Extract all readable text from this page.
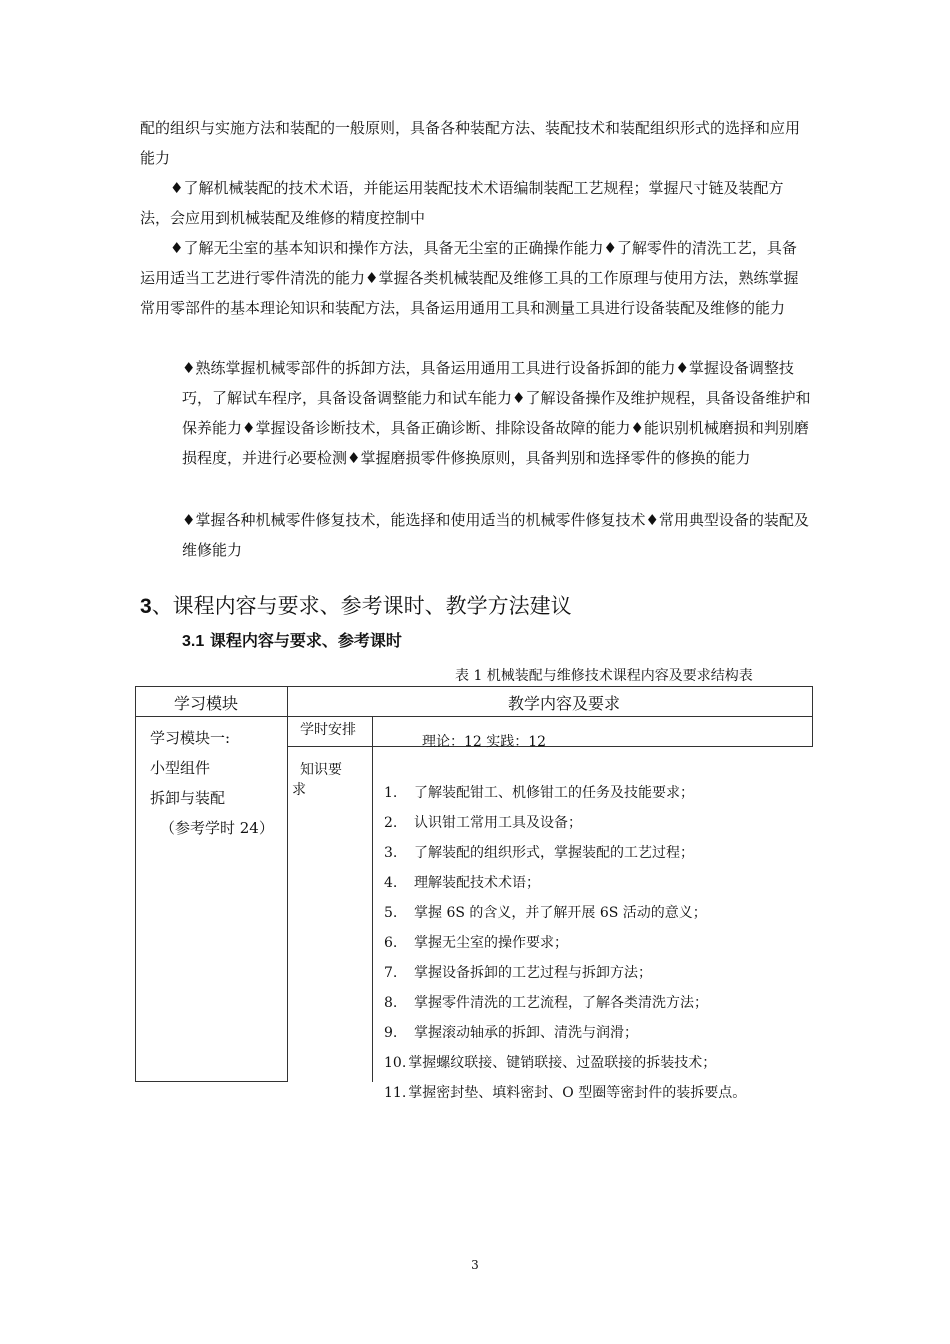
配的组织与实施方法和装配的一般原则，具备各种装配方法、装配技术和装配组织形式的选择和应用能力

♦了解机械装配的技术术语，并能运用装配技术术语编制装配工艺规程；掌握尺寸链及装配方法，会应用到机械装配及维修的精度控制中

♦了解无尘室的基本知识和操作方法，具备无尘室的正确操作能力♦了解零件的清洗工艺，具备运用适当工艺进行零件清洗的能力♦掌握各类机械装配及维修工具的工作原理与使用方法，熟练掌握常用零部件的基本理论知识和装配方法，具备运用通用工具和测量工具进行设备装配及维修的能力

♦熟练掌握机械零部件的拆卸方法，具备运用通用工具进行设备拆卸的能力♦掌握设备调整技巧，了解试车程序，具备设备调整能力和试车能力♦了解设备操作及维护规程，具备设备维护和保养能力♦掌握设备诊断技术，具备正确诊断、排除设备故障的能力♦能识别机械磨损和判别磨损程度，并进行必要检测♦掌握磨损零件修换原则，具备判别和选择零件的修换的能力

♦掌握各种机械零件修复技术，能选择和使用适当的机械零件修复技术♦常用典型设备的装配及维修能力

3、课程内容与要求、参考课时、教学方法建议
3.1 课程内容与要求、参考课时
表 1 机械装配与维修技术课程内容及要求结构表
学习模块	教学内容及要求
学习模块一:
小型组件
拆卸与装配
（参考学时 24）
学时安排
理论：12 实践：12
知识要
求	1. 了解装配钳工、机修钳工的任务及技能要求；
2. 认识钳工常用工具及设备；
3. 了解装配的组织形式，掌握装配的工艺过程；
4. 理解装配技术术语；
5. 掌握 6S 的含义，并了解开展 6S 活动的意义；
6. 掌握无尘室的操作要求；
7. 掌握设备拆卸的工艺过程与拆卸方法；
8. 掌握零件清洗的工艺流程，了解各类清洗方法；
9. 掌握滚动轴承的拆卸、清洗与润滑；
10. 掌握螺纹联接、键销联接、过盈联接的拆装技术；
11. 掌握密封垫、填料密封、O 型圈等密封件的装拆要点。
3
